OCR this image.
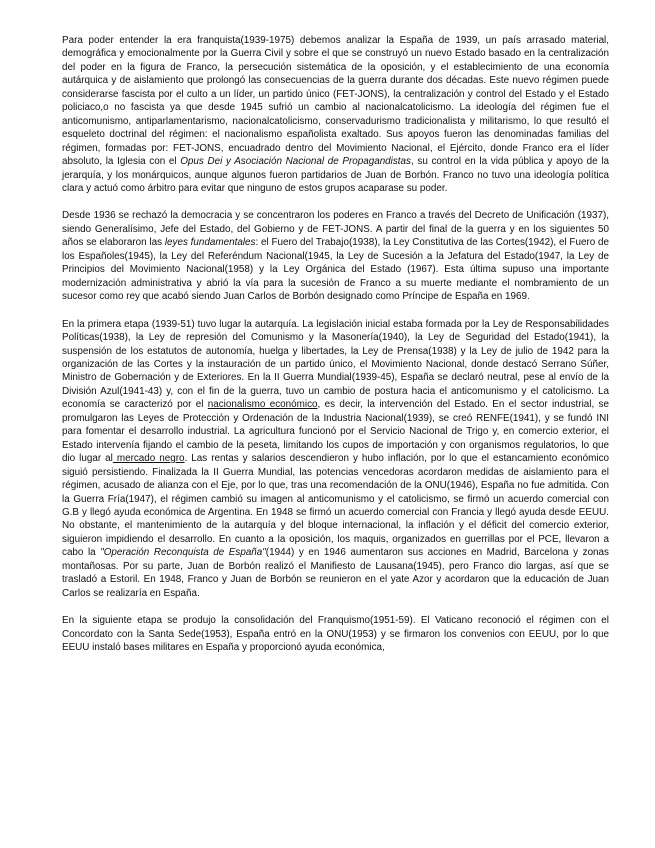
Para poder entender la era franquista(1939-1975) debemos analizar la España de 1939, un país arrasado material, demográfica y emocionalmente por la Guerra Civil y sobre el que se construyó un nuevo Estado basado en la centralización del poder en la figura de Franco, la persecución sistemática de la oposición, y el establecimiento de una economía autárquica y de aislamiento que prolongó las consecuencias de la guerra durante dos décadas. Este nuevo régimen puede considerarse fascista por el culto a un líder, un partido único (FET-JONS), la centralización y control del Estado y el Estado policiaco,o no fascista ya que desde 1945 sufrió un cambio al nacionalcatolicismo. La ideología del régimen fue el anticomunismo, antiparlamentarismo, nacionalcatolicismo, conservadurismo tradicionalista y militarismo, lo que resultó el esqueleto doctrinal del régimen: el nacionalismo españolista exaltado. Sus apoyos fueron las denominadas familias del régimen, formadas por: FET-JONS, encuadrado dentro del Movimiento Nacional, el Ejército, donde Franco era el líder absoluto, la Iglesia con el Opus Dei y Asociación Nacional de Propagandistas, su control en la vida pública y apoyo de la jerarquía, y los monárquicos, aunque algunos fueron partidarios de Juan de Borbón. Franco no tuvo una ideología política clara y actuó como árbitro para evitar que ninguno de estos grupos acaparase su poder.

Desde 1936 se rechazó la democracia y se concentraron los poderes en Franco a través del Decreto de Unificación (1937), siendo Generalísimo, Jefe del Estado, del Gobierno y de FET-JONS. A partir del final de la guerra y en los siguientes 50 años se elaboraron las leyes fundamentales: el Fuero del Trabajo(1938), la Ley Constitutiva de las Cortes(1942), el Fuero de los Españoles(1945), la Ley del Referéndum Nacional(1945, la Ley de Sucesión a la Jefatura del Estado(1947, la Ley de Principios del Movimiento Nacional(1958) y la Ley Orgánica del Estado (1967). Esta última supuso una importante modernización administrativa y abrió la vía para la sucesión de Franco a su muerte mediante el nombramiento de un sucesor como rey que acabó siendo Juan Carlos de Borbón designado como Príncipe de España en 1969.

En la primera etapa (1939-51) tuvo lugar la autarquía. La legislación inicial estaba formada por la Ley de Responsabilidades Políticas(1938), la Ley de represión del Comunismo y la Masonería(1940), la Ley de Seguridad del Estado(1941), la suspensión de los estatutos de autonomía, huelga y libertades, la Ley de Prensa(1938) y la Ley de julio de 1942 para la organización de las Cortes y la instauración de un partido único, el Movimiento Nacional, donde destacó Serrano Súñer, Ministro de Gobernación y de Exteriores. En la II Guerra Mundial(1939-45), España se declaró neutral, pese al envío de la División Azul(1941-43) y, con el fin de la guerra, tuvo un cambio de postura hacia el anticomunismo y el catolicismo. La economía se caracterizó por el nacionalismo económico, es decir, la intervención del Estado. En el sector industrial, se promulgaron las Leyes de Protección y Ordenación de la Industria Nacional(1939), se creó RENFE(1941), y se fundó INI para fomentar el desarrollo industrial. La agricultura funcionó por el Servicio Nacional de Trigo y, en comercio exterior, el Estado intervenía fijando el cambio de la peseta, limitando los cupos de importación y con organismos regulatorios, lo que dio lugar al mercado negro. Las rentas y salarios descendieron y hubo inflación, por lo que el estancamiento económico siguió persistiendo. Finalizada la II Guerra Mundial, las potencias vencedoras acordaron medidas de aislamiento para el régimen, acusado de alianza con el Eje, por lo que, tras una recomendación de la ONU(1946), España no fue admitida. Con la Guerra Fría(1947), el régimen cambió su imagen al anticomunismo y el catolicismo, se firmó un acuerdo comercial con G.B y llegó ayuda económica de Argentina. En 1948 se firmó un acuerdo comercial con Francia y llegó ayuda desde EEUU. No obstante, el mantenimiento de la autarquía y del bloque internacional, la inflación y el déficit del comercio exterior, siguieron impidiendo el desarrollo. En cuanto a la oposición, los maquis, organizados en guerrillas por el PCE, llevaron a cabo la "Operación Reconquista de España"(1944) y en 1946 aumentaron sus acciones en Madrid, Barcelona y zonas montañosas. Por su parte, Juan de Borbón realizó el Manifiesto de Lausana(1945), pero Franco dio largas, así que se trasladó a Estoril. En 1948, Franco y Juan de Borbón se reunieron en el yate Azor y acordaron que la educación de Juan Carlos se realizaría en España.

En la siguiente etapa se produjo la consolidación del Franquismo(1951-59). El Vaticano reconoció el régimen con el Concordato con la Santa Sede(1953), España entró en la ONU(1953) y se firmaron los convenios con EEUU, por lo que EEUU instaló bases militares en España y proporcionó ayuda económica,
